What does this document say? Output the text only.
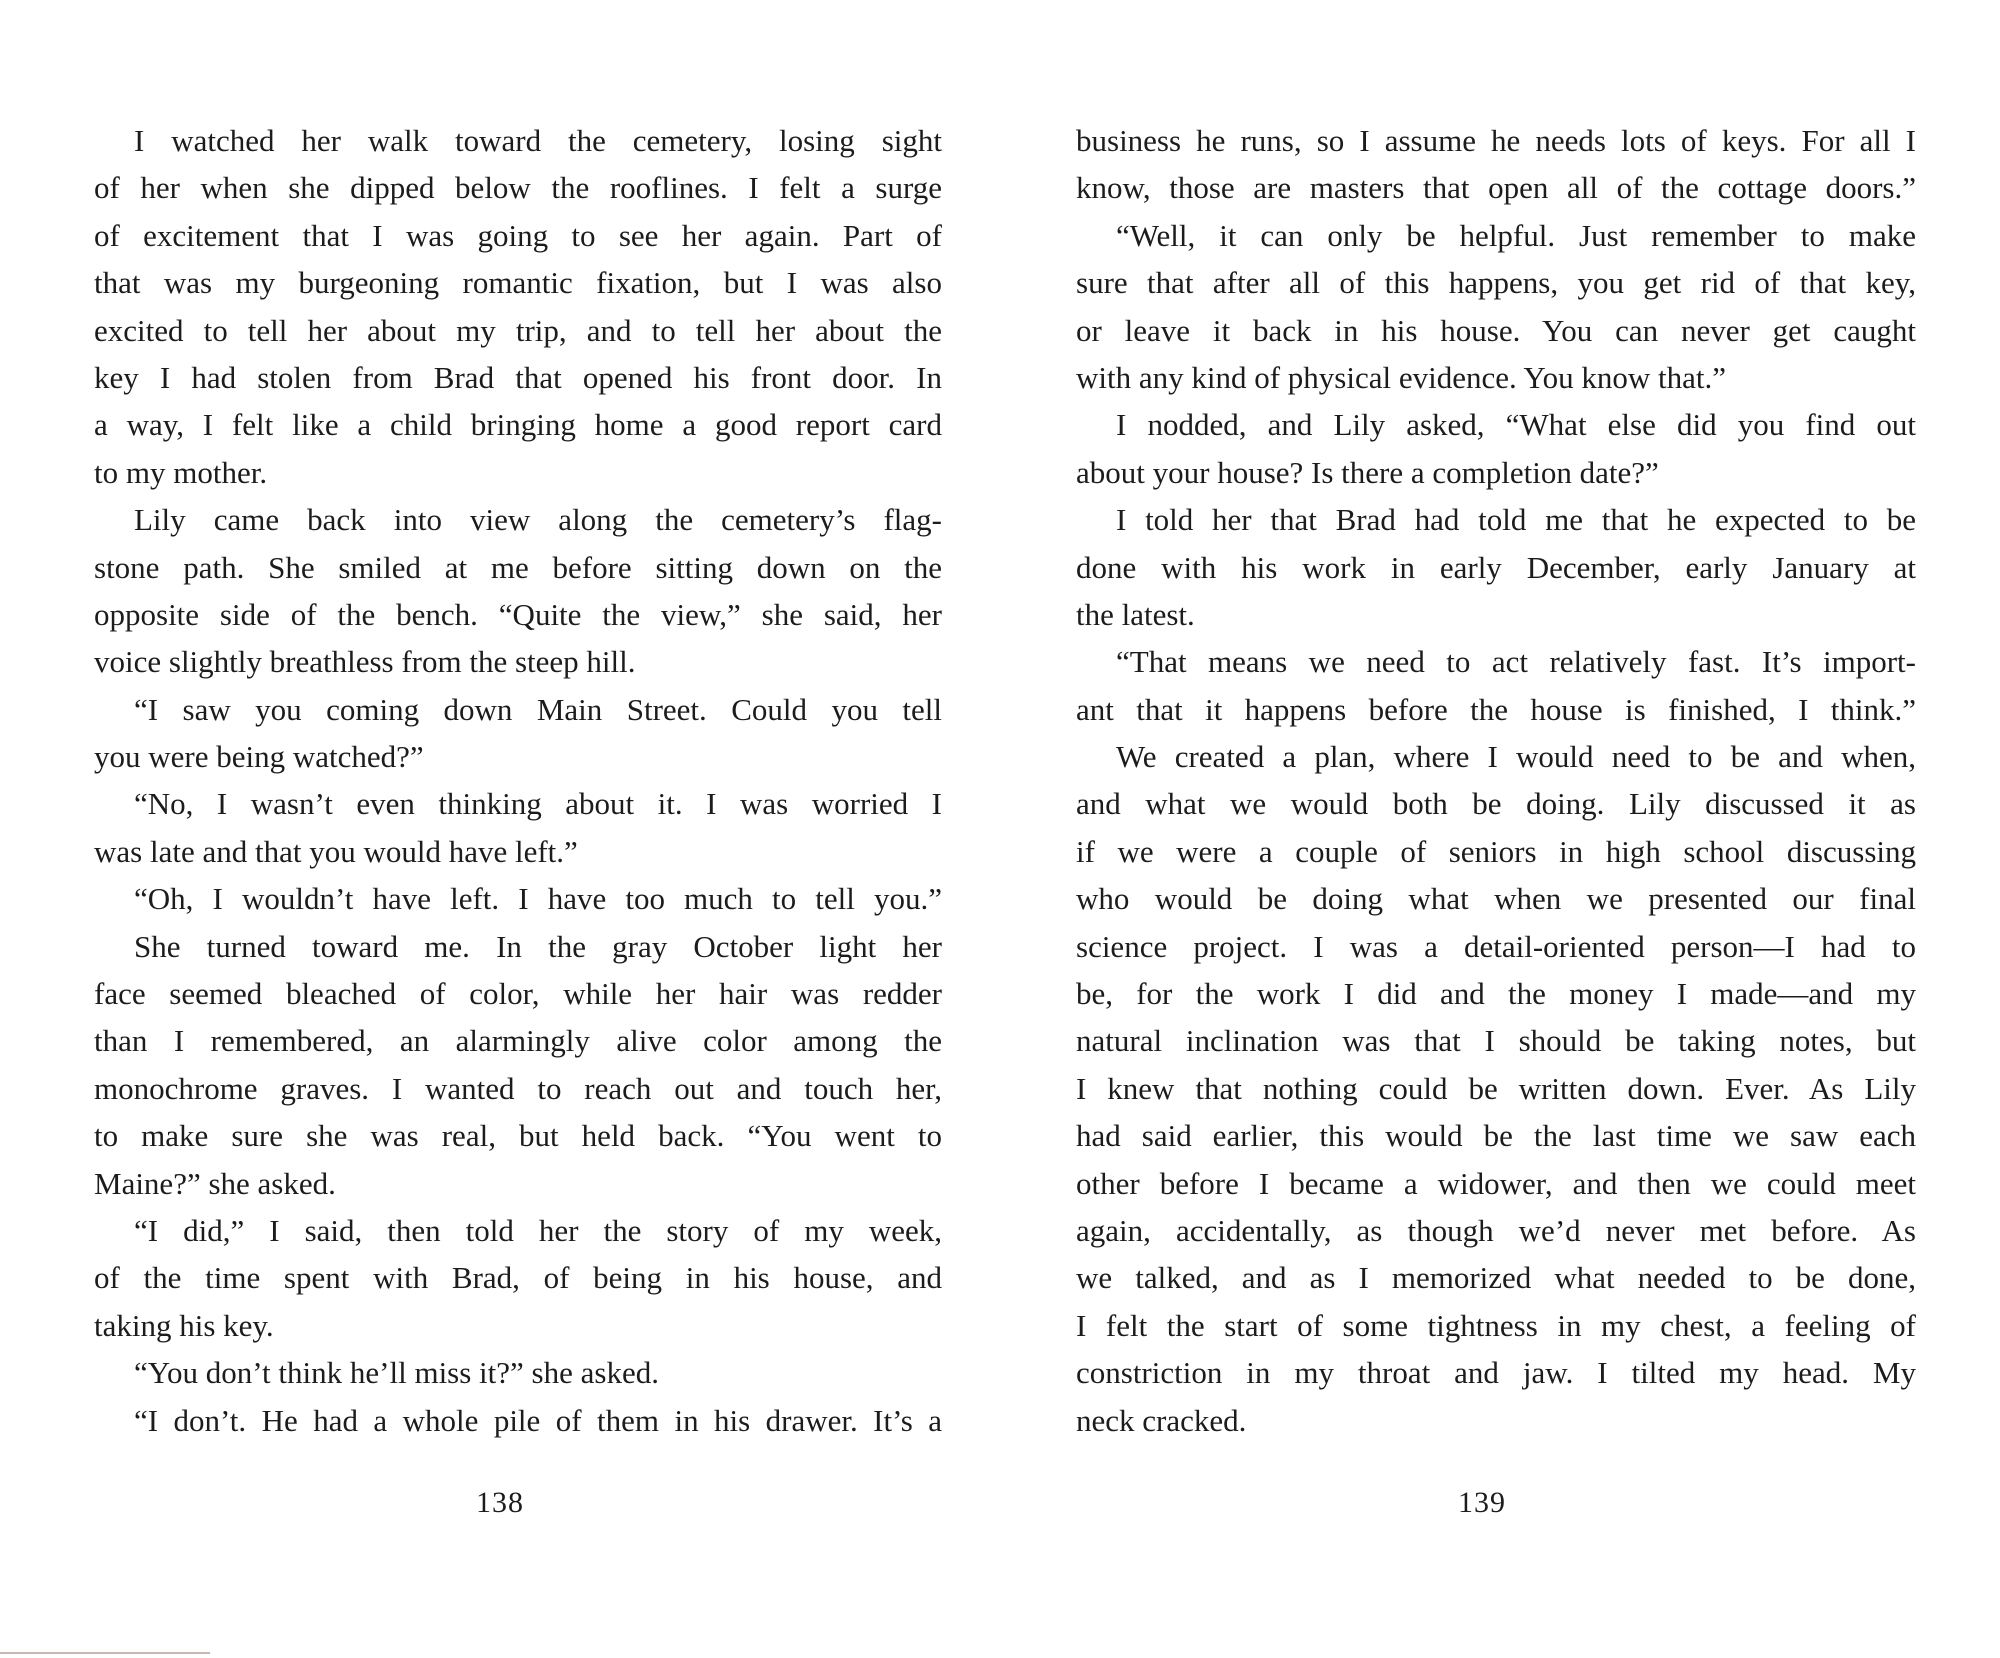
I watched her walk toward the cemetery, losing sight
of her when she dipped below the rooflines. I felt a surge
of excitement that I was going to see her again. Part of
that was my burgeoning romantic fixation, but I was also
excited to tell her about my trip, and to tell her about the
key I had stolen from Brad that opened his front door. In
a way, I felt like a child bringing home a good report card
to my mother.
Lily came back into view along the cemetery’s flag-
stone path. She smiled at me before sitting down on the
opposite side of the bench. “Quite the view,” she said, her
voice slightly breathless from the steep hill.
“I saw you coming down Main Street. Could you tell
you were being watched?”
“No, I wasn’t even thinking about it. I was worried I
was late and that you would have left.”
“Oh, I wouldn’t have left. I have too much to tell you.”
She turned toward me. In the gray October light her
face seemed bleached of color, while her hair was redder
than I remembered, an alarmingly alive color among the
monochrome graves. I wanted to reach out and touch her,
to make sure she was real, but held back. “You went to
Maine?” she asked.
“I did,” I said, then told her the story of my week,
of the time spent with Brad, of being in his house, and
taking his key.
“You don’t think he’ll miss it?” she asked.
“I don’t. He had a whole pile of them in his drawer. It’s a
138
business he runs, so I assume he needs lots of keys. For all I
know, those are masters that open all of the cottage doors.”
“Well, it can only be helpful. Just remember to make
sure that after all of this happens, you get rid of that key,
or leave it back in his house. You can never get caught
with any kind of physical evidence. You know that.”
I nodded, and Lily asked, “What else did you find out
about your house? Is there a completion date?”
I told her that Brad had told me that he expected to be
done with his work in early December, early January at
the latest.
“That means we need to act relatively fast. It’s import-
ant that it happens before the house is finished, I think.”
We created a plan, where I would need to be and when,
and what we would both be doing. Lily discussed it as
if we were a couple of seniors in high school discussing
who would be doing what when we presented our final
science project. I was a detail-oriented person—I had to
be, for the work I did and the money I made—and my
natural inclination was that I should be taking notes, but
I knew that nothing could be written down. Ever. As Lily
had said earlier, this would be the last time we saw each
other before I became a widower, and then we could meet
again, accidentally, as though we’d never met before. As
we talked, and as I memorized what needed to be done,
I felt the start of some tightness in my chest, a feeling of
constriction in my throat and jaw. I tilted my head. My
neck cracked.
139
